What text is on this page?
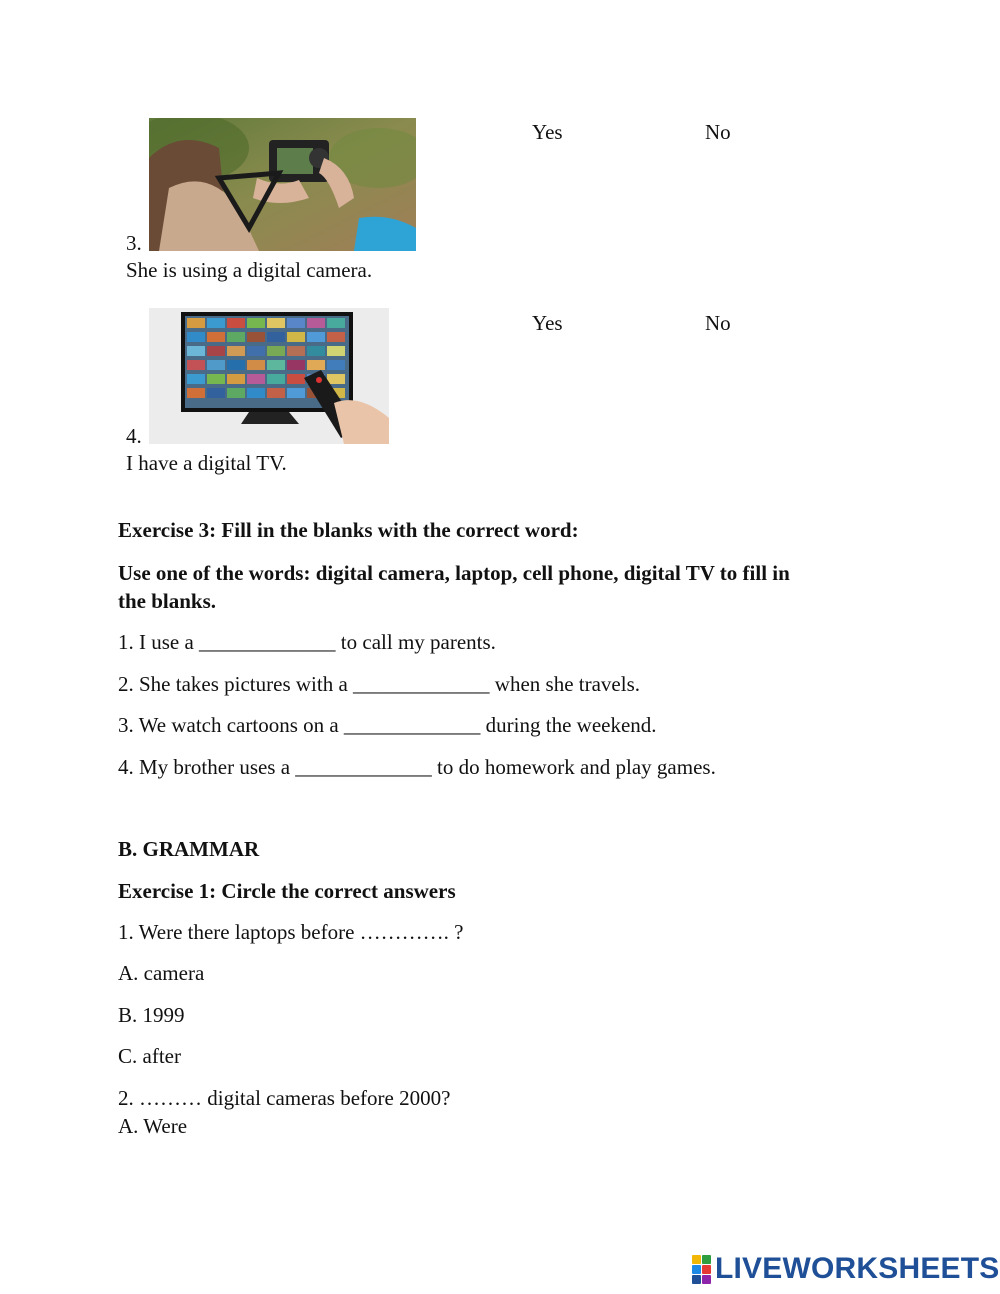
3.
She is using a digital camera.
Yes	No
4.
I have a digital TV.
Yes	No
Exercise 3: Fill in the blanks with the correct word:
Use one of the words: digital camera, laptop, cell phone, digital TV to fill in
the blanks.
1. I use a _____________ to call my parents.
2. She takes pictures with a _____________ when she travels.
3. We watch cartoons on a _____________ during the weekend.
4. My brother uses a _____________ to do homework and play games.
B. GRAMMAR
Exercise 1: Circle the correct answers
1. Were there laptops before …………. ?
A. camera
B. 1999
C. after
2. ……… digital cameras before 2000?
A. Were
LIVEWORKSHEETS
